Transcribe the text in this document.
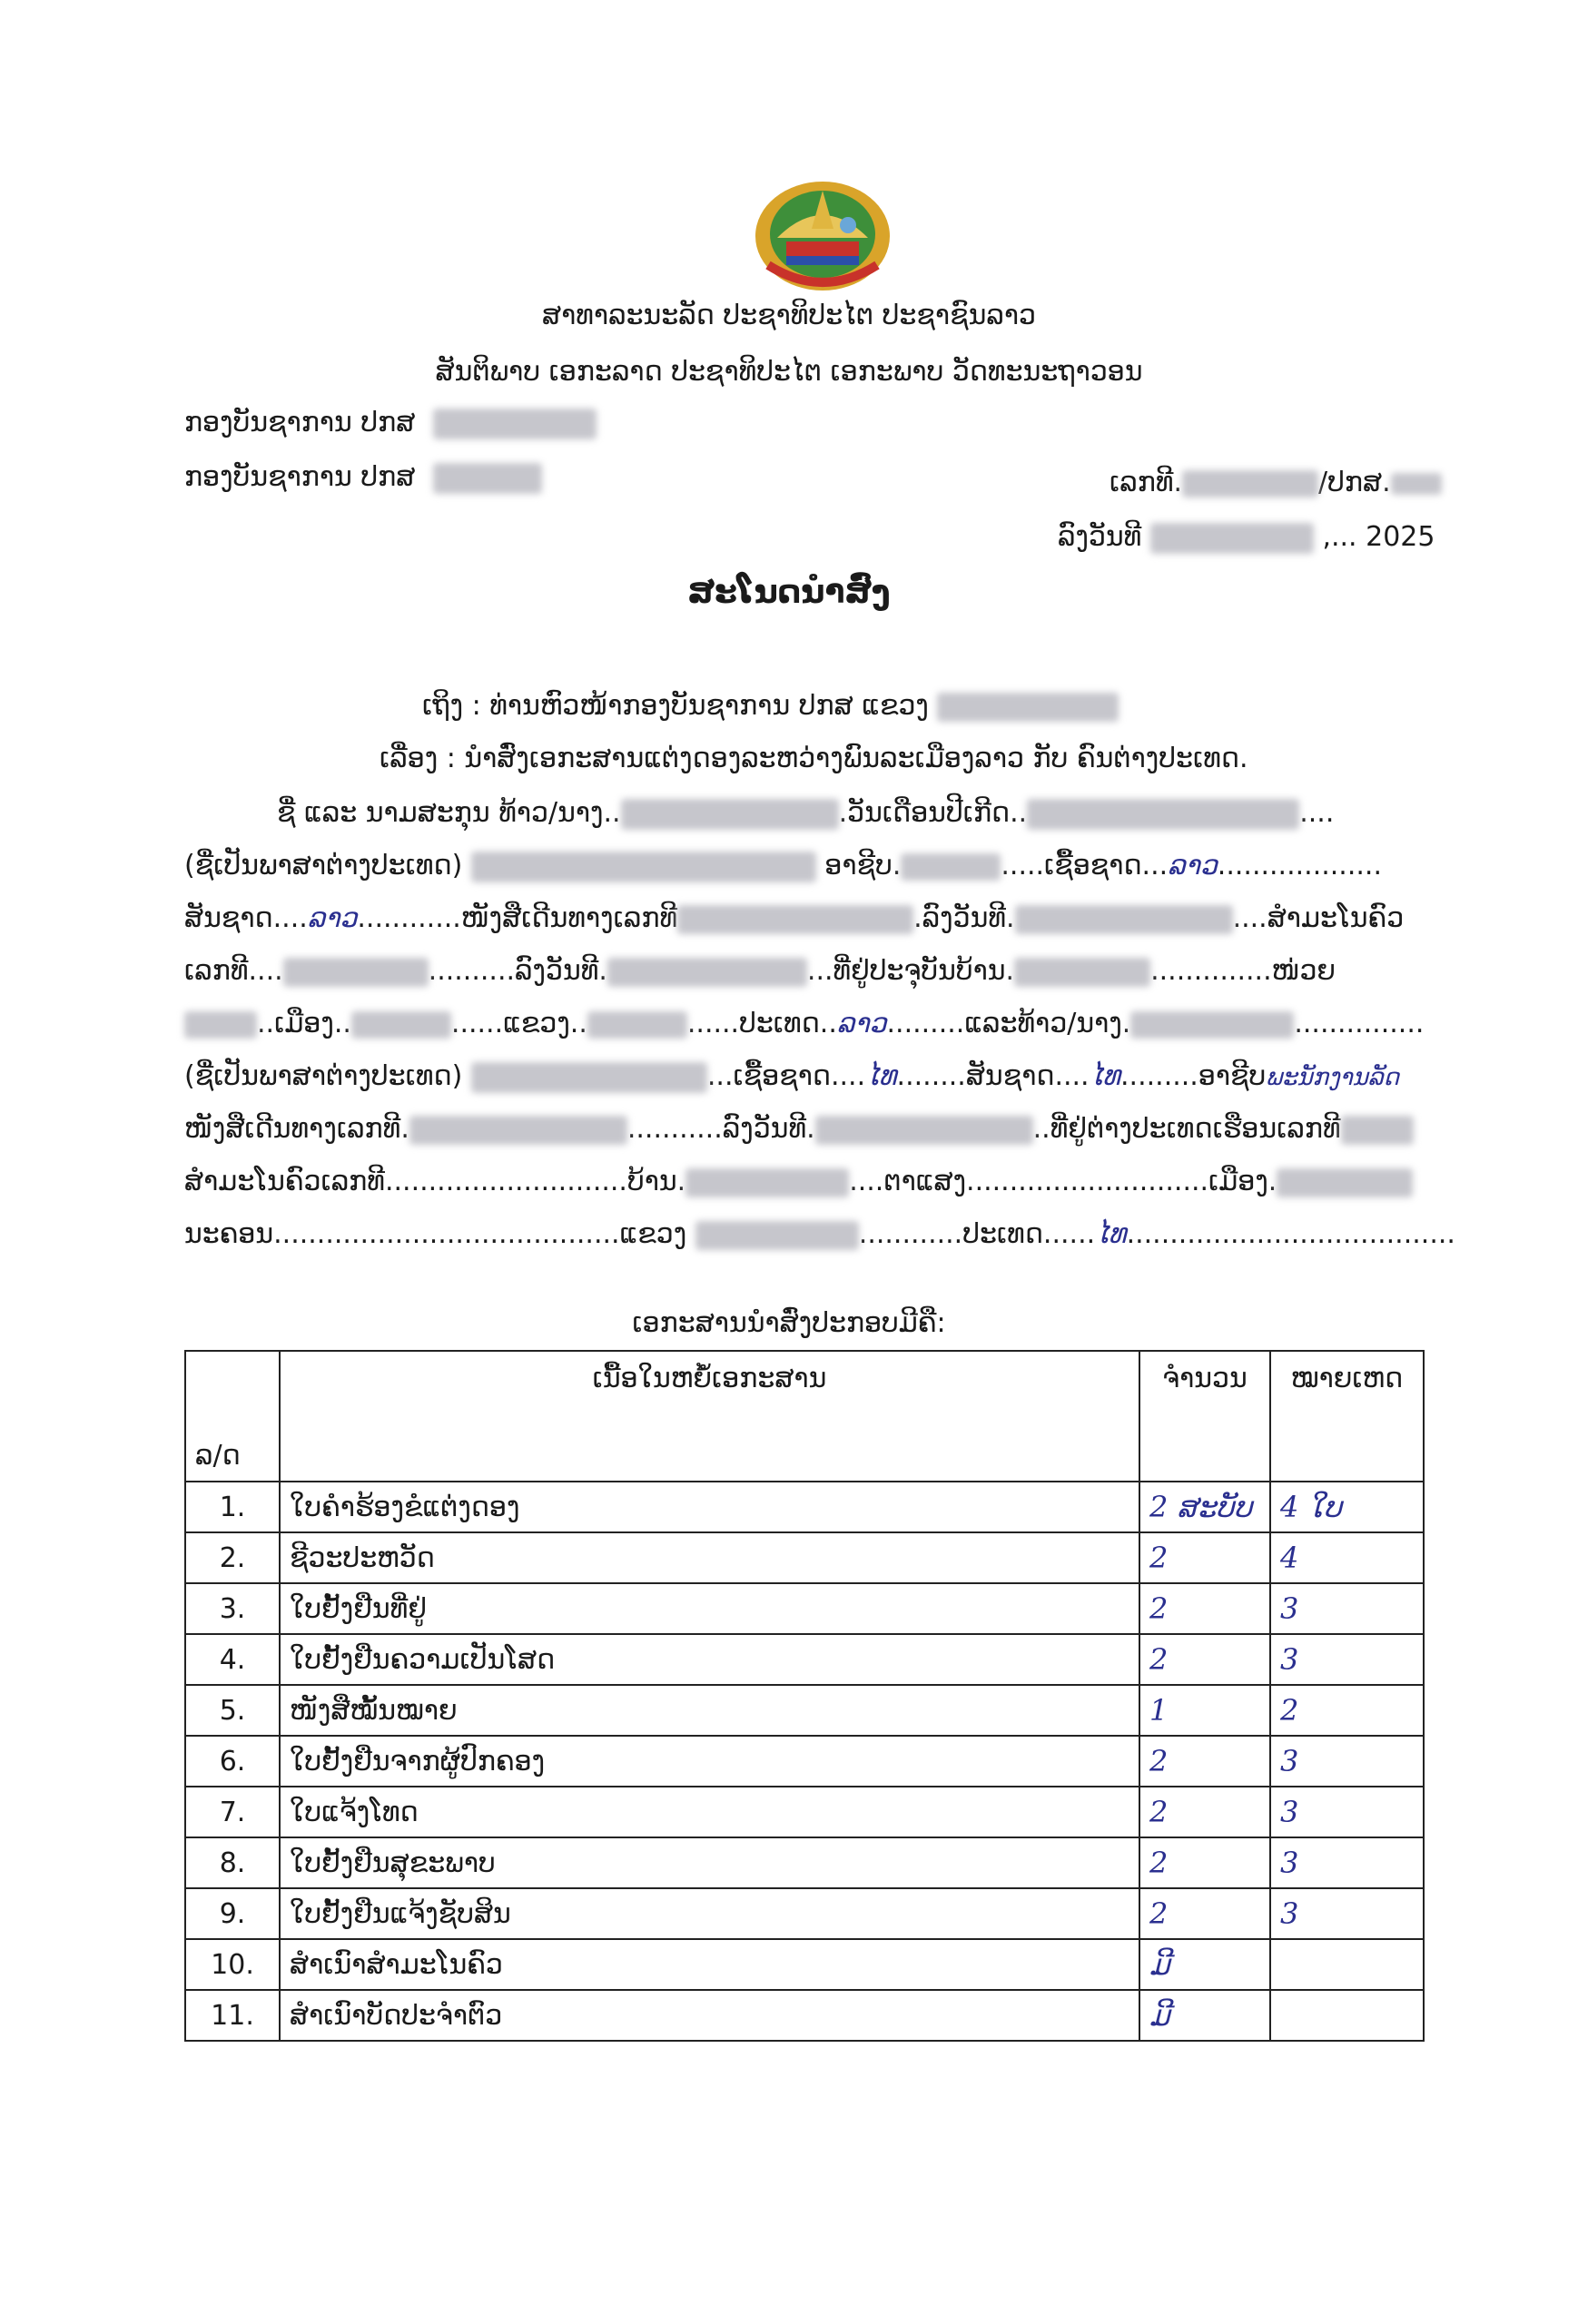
ສາທາລະນະລັດ ປະຊາທິປະໄຕ ປະຊາຊົນລາວ
ສັນຕິພາບ ເອກະລາດ ປະຊາທິປະໄຕ ເອກະພາບ ວັດທະນະຖາວອນ
ກອງບັນຊາການ ປກສ
ກອງບັນຊາການ ປກສ	ເລກທີ.	/ປກສ.
ລົງວັນທີ	,... 2025
ສະໂນດນຳສົ່ງ
ເຖິງ : ທ່ານຫົວໜ້າກອງບັນຊາການ ປກສ ແຂວງ
ເລື່ອງ : ນຳສົ່ງເອກະສານແຕ່ງດອງລະຫວ່າງພົນລະເມືອງລາວ ກັບ ຄົນຕ່າງປະເທດ.
ຊື່ ແລະ ນາມສະກຸນ ທ້າວ/ນາງ..	.ວັນເດືອນປີເກີດ..	....
(ຊື່ເປັນພາສາຕ່າງປະເທດ)	ອາຊີບ.	.....ເຊື້ອຊາດ...ລາວ...................
ສັນຊາດ....ລາວ............ໜັງສືເດີນທາງເລກທີ	.ລົງວັນທີ.	....ສຳມະໂນຄົວ
ເລກທີ....	..........ລົງວັນທີ.	...ທີ່ຢູ່ປະຈຸບັນບ້ານ.	..............ໜ່ວຍ
..ເມືອງ..	......ແຂວງ..	......ປະເທດ..ລາວ.........ແລະທ້າວ/ນາງ.	...............
(ຊື່ເປັນພາສາຕ່າງປະເທດ)	...ເຊື້ອຊາດ....ໄທ........ສັນຊາດ....ໄທ.........ອາຊີບພະນັກງານລັດ
ໜັງສືເດີນທາງເລກທີ.	...........ລົງວັນທີ.	..ທີ່ຢູ່ຕ່າງປະເທດເຮືອນເລກທີ
ສຳມະໂນຄົວເລກທີ............................ບ້ານ.	....ຕາແສງ............................ເມືອງ.
ນະຄອນ........................................ແຂວງ	............ປະເທດ......ໄທ......................................
ເອກະສານນຳສົ່ງປະກອບມີຄື:
ລ/ດ	ເນື້ອໃນຫຍໍ້ເອກະສານ	ຈຳນວນ	ໝາຍເຫດ
1.	ໃບຄຳຮ້ອງຂໍແຕ່ງດອງ	2 ສະບັບ	4 ໃບ
2.	ຊີວະປະຫວັດ	2	4
3.	ໃບຢັ້ງຢືນທີ່ຢູ່	2	3
4.	ໃບຢັ້ງຢືນຄວາມເປັນໂສດ	2	3
5.	ໜັງສືໝັ້ນໝາຍ	1	2
6.	ໃບຢັ້ງຢືນຈາກຜູ້ປົກຄອງ	2	3
7.	ໃບແຈ້ງໂທດ	2	3
8.	ໃບຢັ້ງຢືນສຸຂະພາບ	2	3
9.	ໃບຢັ້ງຢືນແຈ້ງຊັບສິນ	2	3
10.	ສຳເນົາສຳມະໂນຄົວ	ມີ	
11.	ສຳເນົາບັດປະຈຳຕົວ	ມີ	
